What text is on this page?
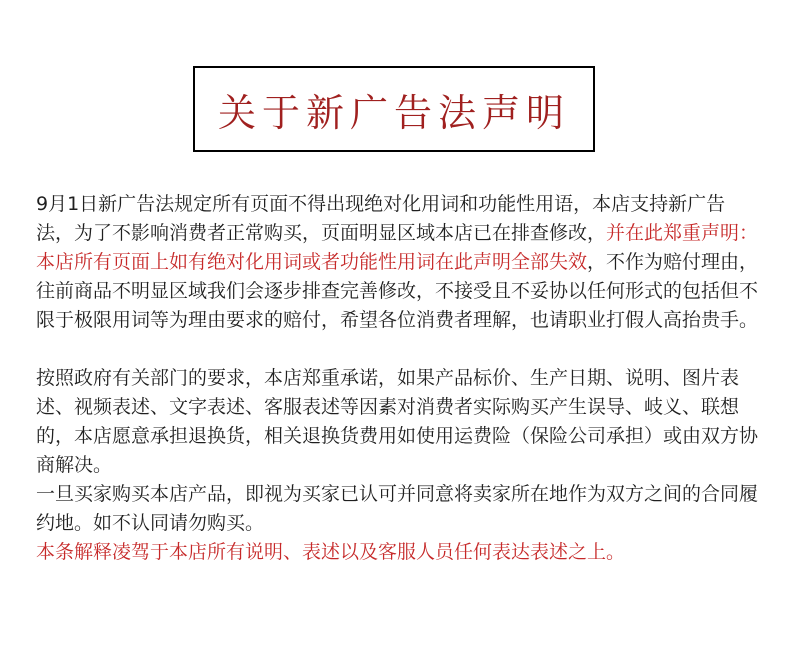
关于新广告法声明

9月1日新广告法规定所有页面不得出现绝对化用词和功能性用语，本店支持新广告法，为了不影响消费者正常购买，页面明显区域本店已在排查修改，并在此郑重声明：本店所有页面上如有绝对化用词或者功能性用词在此声明全部失效，不作为赔付理由，往前商品不明显区域我们会逐步排查完善修改，不接受且不妥协以任何形式的包括但不限于极限用词等为理由要求的赔付，希望各位消费者理解，也请职业打假人高抬贵手。

按照政府有关部门的要求，本店郑重承诺，如果产品标价、生产日期、说明、图片表述、视频表述、文字表述、客服表述等因素对消费者实际购买产生误导、岐义、联想的，本店愿意承担退换货，相关退换货费用如使用运费险（保险公司承担）或由双方协商解决。

一旦买家购买本店产品，即视为买家已认可并同意将卖家所在地作为双方之间的合同履约地。如不认同请勿购买。

本条解释凌驾于本店所有说明、表述以及客服人员任何表达表述之上。
